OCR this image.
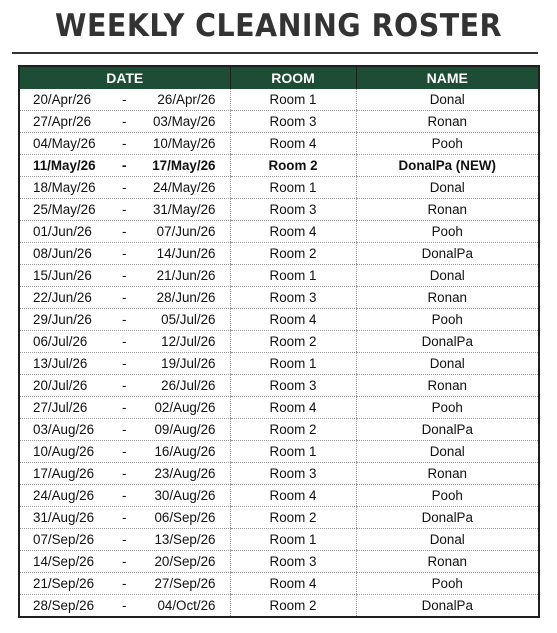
WEEKLY CLEANING ROSTER
DATE	ROOM	NAME

20/Apr/26 - 26/Apr/26	Room 1	Donal

27/Apr/26 - 03/May/26	Room 3	Ronan

04/May/26 - 10/May/26	Room 4	Pooh

11/May/26 - 17/May/26	Room 2	DonalPa (NEW)

18/May/26 - 24/May/26	Room 1	Donal

25/May/26 - 31/May/26	Room 3	Ronan

01/Jun/26 - 07/Jun/26	Room 4	Pooh

08/Jun/26 - 14/Jun/26	Room 2	DonalPa

15/Jun/26 - 21/Jun/26	Room 1	Donal

22/Jun/26 - 28/Jun/26	Room 3	Ronan

29/Jun/26 - 05/Jul/26	Room 4	Pooh

06/Jul/26 - 12/Jul/26	Room 2	DonalPa

13/Jul/26 - 19/Jul/26	Room 1	Donal

20/Jul/26 - 26/Jul/26	Room 3	Ronan

27/Jul/26 - 02/Aug/26	Room 4	Pooh

03/Aug/26 - 09/Aug/26	Room 2	DonalPa

10/Aug/26 - 16/Aug/26	Room 1	Donal

17/Aug/26 - 23/Aug/26	Room 3	Ronan

24/Aug/26 - 30/Aug/26	Room 4	Pooh

31/Aug/26 - 06/Sep/26	Room 2	DonalPa

07/Sep/26 - 13/Sep/26	Room 1	Donal

14/Sep/26 - 20/Sep/26	Room 3	Ronan

21/Sep/26 - 27/Sep/26	Room 4	Pooh

28/Sep/26 - 04/Oct/26	Room 2	DonalPa
